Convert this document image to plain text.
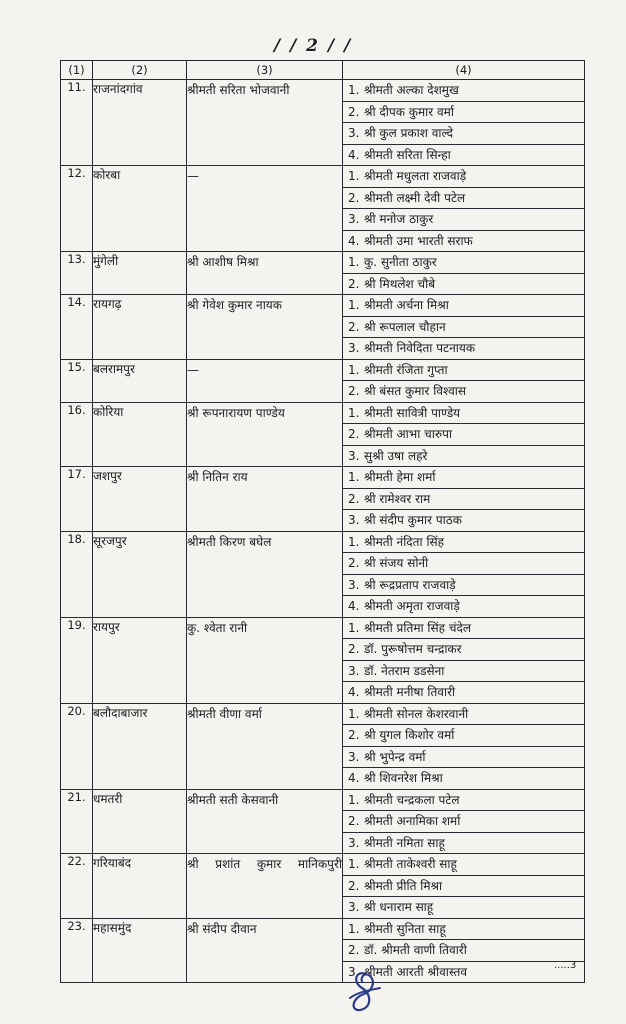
/ / 2 / /
(1)	(2)	(3)	(4)
11.	राजनांदगांव	श्रीमती सरिता भोजवानी	1. श्रीमती अल्का देशमुख
2. श्री दीपक कुमार वर्मा
3. श्री कुल प्रकाश वाल्दे
4. श्रीमती सरिता सिन्हा

12.	कोरबा	—	1. श्रीमती मधुलता राजवाड़े
2. श्रीमती लक्ष्मी देवी पटेल
3. श्री मनोज ठाकुर
4. श्रीमती उमा भारती सराफ

13.	मुंगेली	श्री आशीष मिश्रा	1. कु. सुनीता ठाकुर
2. श्री मिथलेश चौबे

14.	रायगढ़	श्री गेवेश कुमार नायक	1. श्रीमती अर्चना मिश्रा
2. श्री रूपलाल चौहान
3. श्रीमती निवेदिता पटनायक

15.	बलरामपुर	—	1. श्रीमती रंजिता गुप्ता
2. श्री बंसत कुमार विश्वास

16.	कोरिया	श्री रूपनारायण पाण्डेय	1. श्रीमती सावित्री पाण्डेय
2. श्रीमती आभा चारुपा
3. सुश्री उषा लहरे

17.	जशपुर	श्री नितिन राय	1. श्रीमती हेमा शर्मा
2. श्री रामेश्वर राम
3. श्री संदीप कुमार पाठक

18.	सूरजपुर	श्रीमती किरण बघेल	1. श्रीमती नंदिता सिंह
2. श्री संजय सोनी
3. श्री रूद्रप्रताप राजवाड़े
4. श्रीमती अमृता राजवाड़े

19.	रायपुर	कु. श्वेता रानी	1. श्रीमती प्रतिमा सिंह चंदेल
2. डॉ. पुरूषोत्तम चन्द्राकर
3. डॉ. नेतराम डडसेना
4. श्रीमती मनीषा तिवारी

20.	बलौदाबाजार	श्रीमती वीणा वर्मा	1. श्रीमती सोनल केशरवानी
2. श्री युगल किशोर वर्मा
3. श्री भुपेन्द्र वर्मा
4. श्री शिवनरेश मिश्रा

21.	धमतरी	श्रीमती सती केसवानी	1. श्रीमती चन्द्रकला पटेल
2. श्रीमती अनामिका शर्मा
3. श्रीमती नमिता साहू

22.	गरियाबंद	श्री प्रशांत कुमार मानिकपुरी	1. श्रीमती ताकेश्वरी साहू
2. श्रीमती प्रीति मिश्रा
3. श्री धनाराम साहू

23.	महासमुंद	श्री संदीप दीवान	1. श्रीमती सुनिता साहू
2. डॉ. श्रीमती वाणी तिवारी
3. श्रीमती आरती श्रीवास्तव	.....3
